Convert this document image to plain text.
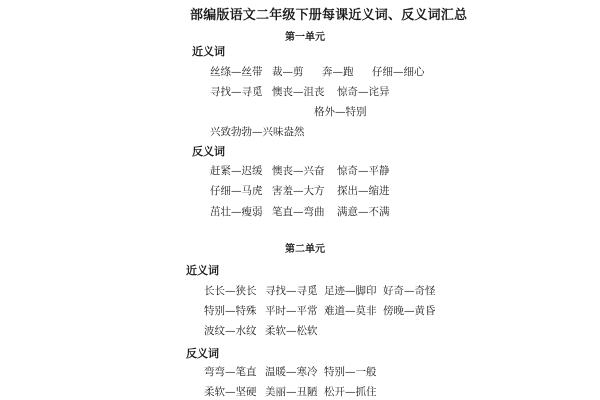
部编版语文二年级下册每课近义词、反义词汇总
第一单元
近义词
丝绦—丝带 裁—剪 奔—跑 仔细—细心
寻找—寻觅 懊丧—沮丧 惊奇—诧异
格外—特别
兴致勃勃—兴味盎然
反义词
赶紧—迟缓 懊丧—兴奋 惊奇—平静
仔细—马虎 害羞—大方 探出—缩进
茁壮—瘦弱 笔直—弯曲 满意—不满
第二单元
近义词
长长—狭长 寻找—寻觅 足迹—脚印 好奇—奇怪
特别—特殊 平时—平常 难道—莫非 傍晚—黄昏
波纹—水纹 柔软—松软
反义词
弯弯—笔直 温暖—寒冷 特别—一般
柔软—坚硬 美丽—丑陋 松开—抓住
